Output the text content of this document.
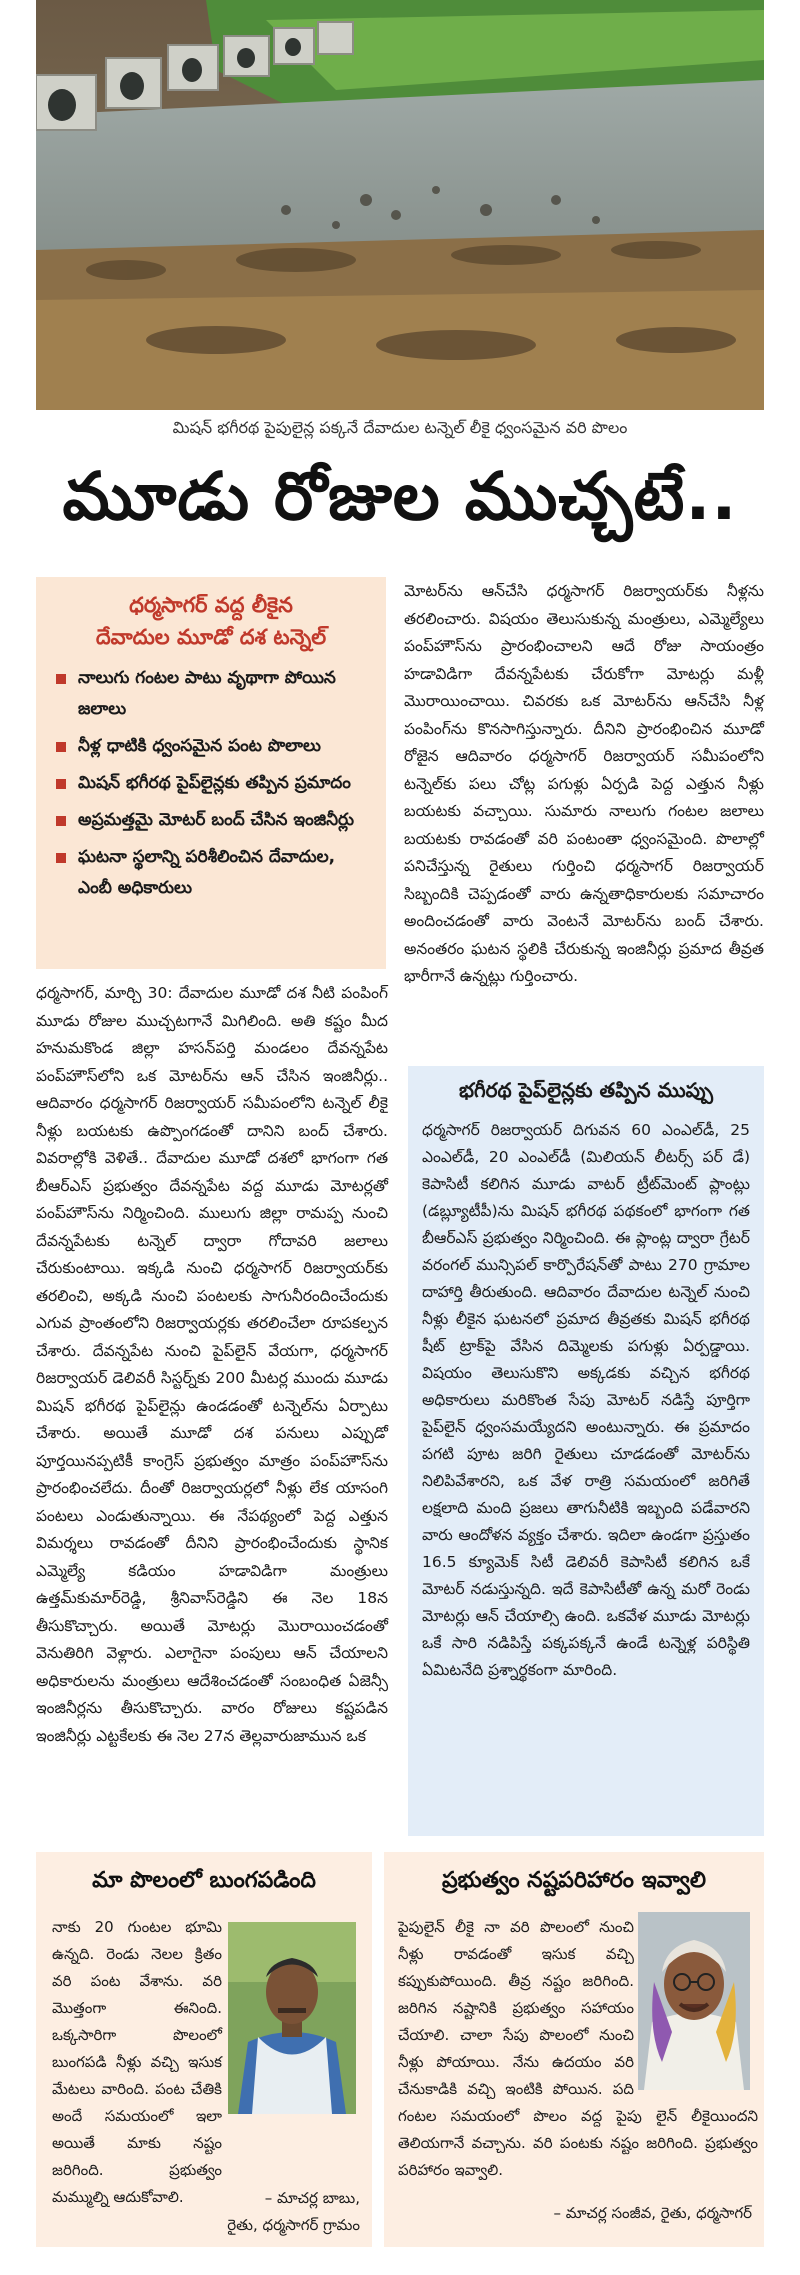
మిషన్ భగీరథ పైపులైన్ల పక్కనే దేవాదుల టన్నెల్ లీకై ధ్వంసమైన వరి పొలం
మూడు రోజుల ముచ్చటే..
ధర్మసాగర్ వద్ద లీకైన
దేవాదుల మూడో దశ టన్నెల్
నాలుగు గంటల పాటు వృథాగా పోయిన జలాలు
నీళ్ల ధాటికి ధ్వంసమైన పంట పొలాలు
మిషన్ భగీరథ పైప్‌లైన్లకు తప్పిన ప్రమాదం
అప్రమత్తమై మోటర్ బంద్ చేసిన ఇంజినీర్లు
ఘటనా స్థలాన్ని పరిశీలించిన దేవాదుల, ఎంబీ అధికారులు
ధర్మసాగర్, మార్చి 30: దేవాదుల మూడో దశ నీటి పంపింగ్ మూడు రోజుల ముచ్చటగానే మిగిలింది. అతి కష్టం మీద హనుమకొండ జిల్లా హసన్‌పర్తి మండలం దేవన్నపేట పంప్‌హౌస్‌లోని ఒక మోటర్‌ను ఆన్ చేసిన ఇంజినీర్లు.. ఆదివారం ధర్మసాగర్ రిజర్వాయర్ సమీపంలోని టన్నెల్ లీకై నీళ్లు బయటకు ఉప్పొంగడంతో దానిని బంద్ చేశారు. వివరాల్లోకి వెళితే.. దేవాదుల మూడో దశలో భాగంగా గత బీఆర్‌ఎస్ ప్రభుత్వం దేవన్నపేట వద్ద మూడు మోటర్లతో పంప్‌హౌస్‌ను నిర్మించింది. ములుగు జిల్లా రామప్ప నుంచి దేవన్నపేటకు టన్నెల్ ద్వారా గోదావరి జలాలు చేరుకుంటాయి. ఇక్కడి నుంచి ధర్మసాగర్ రిజర్వాయర్‌కు తరలించి, అక్కడి నుంచి పంటలకు సాగునీరందించేందుకు ఎగువ ప్రాంతంలోని రిజర్వాయర్లకు తరలించేలా రూపకల్పన చేశారు. దేవన్నపేట నుంచి పైప్‌లైన్ వేయగా, ధర్మసాగర్ రిజర్వాయర్ డెలివరీ సిస్టర్న్‌కు 200 మీటర్ల ముందు మూడు మిషన్ భగీరథ పైప్‌లైన్లు ఉండడంతో టన్నెల్‌ను ఏర్పాటు చేశారు. అయితే మూడో దశ పనులు ఎప్పుడో పూర్తయినప్పటికీ కాంగ్రెస్ ప్రభుత్వం మాత్రం పంప్‌హౌస్‌ను ప్రారంభించలేదు. దీంతో రిజర్వాయర్లలో నీళ్లు లేక యాసంగి పంటలు ఎండుతున్నాయి. ఈ నేపథ్యంలో పెద్ద ఎత్తున విమర్శలు రావడంతో దీనిని ప్రారంభించేందుకు స్థానిక ఎమ్మెల్యే కడియం హడావిడిగా మంత్రులు ఉత్తమ్‌కుమార్‌రెడ్డి, శ్రీనివాస్‌రెడ్డిని ఈ నెల 18న తీసుకొచ్చారు. అయితే మోటర్లు మొరాయించడంతో వెనుతిరిగి వెళ్లారు. ఎలాగైనా పంపులు ఆన్ చేయాలని అధికారులను మంత్రులు ఆదేశించడంతో సంబంధిత ఏజెన్సీ ఇంజినీర్లను తీసుకొచ్చారు. వారం రోజులు కష్టపడిన ఇంజినీర్లు ఎట్టకేలకు ఈ నెల 27న తెల్లవారుజామున ఒక
మోటర్‌ను ఆన్‌చేసి ధర్మసాగర్ రిజర్వాయర్‌కు నీళ్లను తరలించారు. విషయం తెలుసుకున్న మంత్రులు, ఎమ్మెల్యేలు పంప్‌హౌస్‌ను ప్రారంభించాలని ఆదే రోజు సాయంత్రం హడావిడిగా దేవన్నపేటకు చేరుకోగా మోటర్లు మళ్లీ మొరాయించాయి. చివరకు ఒక మోటర్‌ను ఆన్‌చేసి నీళ్ల పంపింగ్‌ను కొనసాగిస్తున్నారు. దీనిని ప్రారంభించిన మూడో రోజైన ఆదివారం ధర్మసాగర్ రిజర్వాయర్ సమీపంలోని టన్నెల్‌కు పలు చోట్ల పగుళ్లు ఏర్పడి పెద్ద ఎత్తున నీళ్లు బయటకు వచ్చాయి. సుమారు నాలుగు గంటల జలాలు బయటకు రావడంతో వరి పంటంతా ధ్వంసమైంది. పొలాల్లో పనిచేస్తున్న రైతులు గుర్తించి ధర్మసాగర్ రిజర్వాయర్ సిబ్బందికి చెప్పడంతో వారు ఉన్నతాధికారులకు సమాచారం అందించడంతో వారు వెంటనే మోటర్‌ను బంద్ చేశారు. అనంతరం ఘటన స్థలికి చేరుకున్న ఇంజినీర్లు ప్రమాద తీవ్రత భారీగానే ఉన్నట్లు గుర్తించారు.
భగీరథ పైప్‌లైన్లకు తప్పిన ముప్పు
ధర్మసాగర్ రిజర్వాయర్ దిగువన 60 ఎంఎల్‌డీ, 25 ఎంఎల్‌డీ, 20 ఎంఎల్‌డీ (మిలియన్ లీటర్స్ పర్ డే) కెపాసిటీ కలిగిన మూడు వాటర్ ట్రీట్‌మెంట్ ప్లాంట్లు (డబ్ల్యూటీపీ)ను మిషన్ భగీరథ పథకంలో భాగంగా గత బీఆర్‌ఎస్ ప్రభుత్వం నిర్మించింది. ఈ ప్లాంట్ల ద్వారా గ్రేటర్ వరంగల్ మున్సిపల్ కార్పొరేషన్‌తో పాటు 270 గ్రామాల దాహార్తి తీరుతుంది. ఆదివారం దేవాదుల టన్నెల్ నుంచి నీళ్లు లీకైన ఘటనలో ప్రమాద తీవ్రతకు మిషన్ భగీరథ షీట్ ట్రాక్‌పై వేసిన దిమ్మెలకు పగుళ్లు ఏర్పడ్డాయి. విషయం తెలుసుకొని అక్కడకు వచ్చిన భగీరథ అధికారులు మరికొంత సేపు మోటర్ నడిస్తే పూర్తిగా పైప్‌లైన్ ధ్వంసమయ్యేదని అంటున్నారు. ఈ ప్రమాదం పగటి పూట జరిగి రైతులు చూడడంతో మోటర్‌ను నిలిపివేశారని, ఒక వేళ రాత్రి సమయంలో జరిగితే లక్షలాది మంది ప్రజలు తాగునీటికి ఇబ్బంది పడేవారని వారు ఆందోళన వ్యక్తం చేశారు. ఇదిలా ఉండగా ప్రస్తుతం 16.5 క్యూమెక్ సిటీ డెలివరీ కెపాసిటీ కలిగిన ఒకే మోటర్ నడుస్తున్నది. ఇదే కెపాసిటీతో ఉన్న మరో రెండు మోటర్లు ఆన్ చేయాల్సి ఉంది. ఒకవేళ మూడు మోటర్లు ఒకే సారి నడిపిస్తే పక్కపక్కనే ఉండే టన్నెళ్ల పరిస్థితి ఏమిటనేది ప్రశ్నార్థకంగా మారింది.
మా పొలంలో బుంగపడింది
నాకు 20 గుంటల భూమి ఉన్నది. రెండు నెలల క్రితం వరి పంట వేశాను. వరి మొత్తంగా ఈనింది. ఒక్కసారిగా పొలంలో బుంగపడి నీళ్లు వచ్చి ఇసుక మేటలు వారింది. పంట చేతికి అందే సమయంలో ఇలా అయితే మాకు నష్టం జరిగింది. ప్రభుత్వం మమ్ముల్ని ఆదుకోవాలి.	– మాచర్ల బాబు,
రైతు, ధర్మసాగర్ గ్రామం
ప్రభుత్వం నష్టపరిహారం ఇవ్వాలి
పైపులైన్ లీకై నా వరి పొలంలో నుంచి నీళ్లు రావడంతో ఇసుక వచ్చి కప్పుకుపోయింది. తీవ్ర నష్టం జరిగింది. జరిగిన నష్టానికి ప్రభుత్వం సహాయం చేయాలి. చాలా సేపు పొలంలో నుంచి నీళ్లు పోయాయి. నేను ఉదయం వరి చేనుకాడికి వచ్చి ఇంటికి పోయిన. పది గంటల సమయంలో పొలం వద్ద పైపు లైన్ లీకైయిందని తెలియగానే వచ్చాను. వరి పంటకు నష్టం జరిగింది. ప్రభుత్వం పరిహారం ఇవ్వాలి.
– మాచర్ల సంజీవ, రైతు, ధర్మసాగర్
